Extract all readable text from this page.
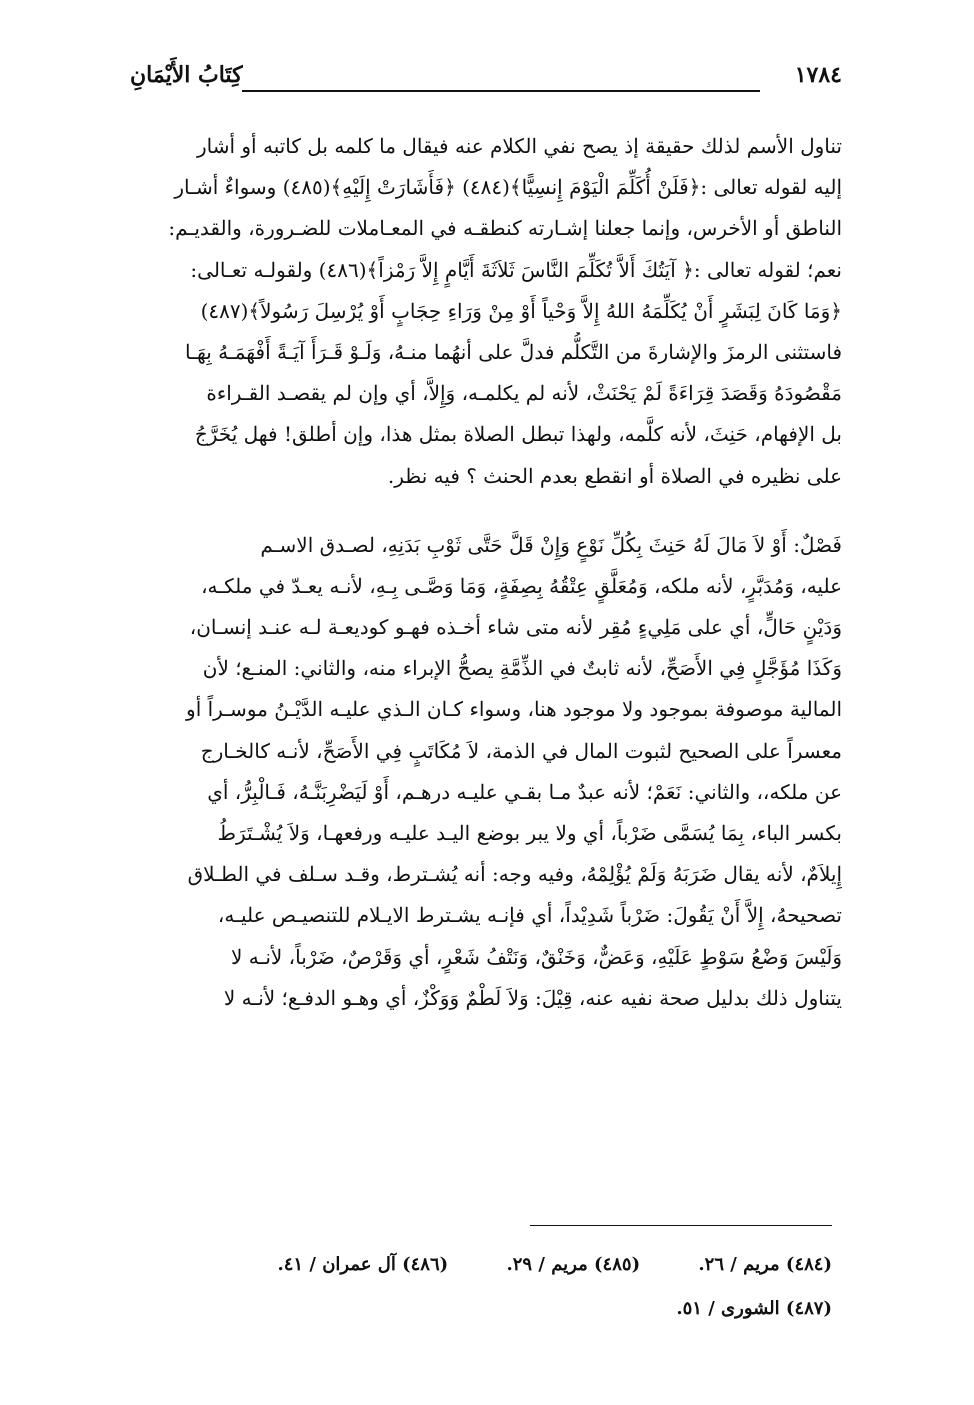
١٧٨٤
كِتَابُ الأَيْمَانِ
تناول الأسم لذلك حقيقة إذ يصح نفي الكلام عنه فيقال ما كلمه بل كاتبه أو أشار
إليه لقوله تعالى :﴿فَلَنْ أُكَلِّمَ الْيَوْمَ إِنسِيًّا﴾(٤٨٤) ﴿فَأَشَارَتْ إِلَيْهِ﴾(٤٨٥) وسواءٌ أشـار
الناطق أو الأخرس، وإنما جعلنا إشـارته كنطقـه في المعـاملات للضـرورة، والقديـم:
نعم؛ لقوله تعالى :﴿ آيَتُكَ أَلاَّ تُكَلِّمَ النَّاسَ ثَلاَثَةَ أَيَّامٍ إِلاَّ رَمْزاً﴾(٤٨٦) ولقولـه تعـالى:
﴿وَمَا كَانَ لِبَشَرٍ أَنْ يُكَلِّمَهُ اللهُ إِلاَّ وَحْياً أَوْ مِنْ وَرَاءِ حِجَابٍ أَوْ يُرْسِلَ رَسُولاً﴾(٤٨٧)
فاستثنى الرمزَ والإشارةَ من التَّكلُّم فدلَّ على أنهُما منـهُ، وَلَـوْ قَـرَأَ آيَـةً أَفْهَمَـهُ بِهَـا
مَقْصُودَهُ وَقَصَدَ قِرَاءَةً لَمْ يَحْنَثْ، لأنه لم يكلمـه، وَإِلاَّ، أي وإن لم يقصـد القـراءة
بل الإفهام، حَنِثَ، لأنه كلَّمه، ولهذا تبطل الصلاة بمثل هذا، وإن أطلق! فهل يُخَرَّجُ
على نظيره في الصلاة أو انقطع بعدم الحنث ؟ فيه نظر.
فَصْلٌ: أَوْ لاَ مَالَ لَهُ حَنِثَ بِكُلِّ نَوْعٍ وَإِنْ قَلَّ حَتَّى ثَوْبِ بَدَنِهِ، لصـدق الاسـم
عليه، وَمُدَبَّرٍ، لأنه ملكه، وَمُعَلَّقٍ عِتْقُهُ بِصِفَةٍ، وَمَا وَصَّـى بِـهِ، لأنـه يعـدّ في ملكـه،
وَدَيْنٍ حَالٍّ، أي على مَلِيءٍ مُقِر لأنه متى شاء أخـذه فهـو كوديعـة لـه عنـد إنسـان،
وَكَذَا مُؤَجَّلٍ فِي الأَصَحِّ، لأنه ثابتٌ في الذِّمَّةِ يصحُّ الإبراء منه، والثاني: المنـع؛ لأن
المالية موصوفة بموجود ولا موجود هنا، وسواء كـان الـذي عليـه الدَّيْـنُ موسـراً أو
معسراً على الصحيح لثبوت المال في الذمة، لاَ مُكَاتَبٍ فِي الأَصَحِّ، لأنـه كالخـارج
عن ملكه،، والثاني: نَعَمْ؛ لأنه عبدٌ مـا بقـي عليـه درهـم، أَوْ لَيَضْرِبَنَّـهُ، فَـالْبِرُّ، أي
بكسر الباء، بِمَا يُسَمَّى ضَرْباً، أي ولا يبر بوضع اليـد عليـه ورفعهـا، وَلاَ يُشْـتَرَطُ
إِيلاَمٌ، لأنه يقال ضَرَبَهُ وَلَمْ يُؤْلِمْهُ، وفيه وجه: أنه يُشـترط، وقـد سـلف في الطـلاق
تصحيحهُ، إِلاَّ أَنْ يَقُولَ: ضَرْباً شَدِيْداً، أي فإنـه يشـترط الايـلام للتنصيـص عليـه،
وَلَيْسَ وَضْعُ سَوْطٍ عَلَيْهِ، وَعَضٌّ، وَخَنْقٌ، وَنَتْفُ شَعْرٍ، أي وَقَرْصٌ، ضَرْباً، لأنـه لا
يتناول ذلك بدليل صحة نفيه عنه، قِيْلَ: وَلاَ لَطْمٌ وَوَكْزٌ، أي وهـو الدفـع؛ لأنـه لا
(٤٨٤) مريم / ٢٦. (٤٨٥) مريم / ٢٩. (٤٨٦) آل عمران / ٤١.
(٤٨٧) الشورى / ٥١.
